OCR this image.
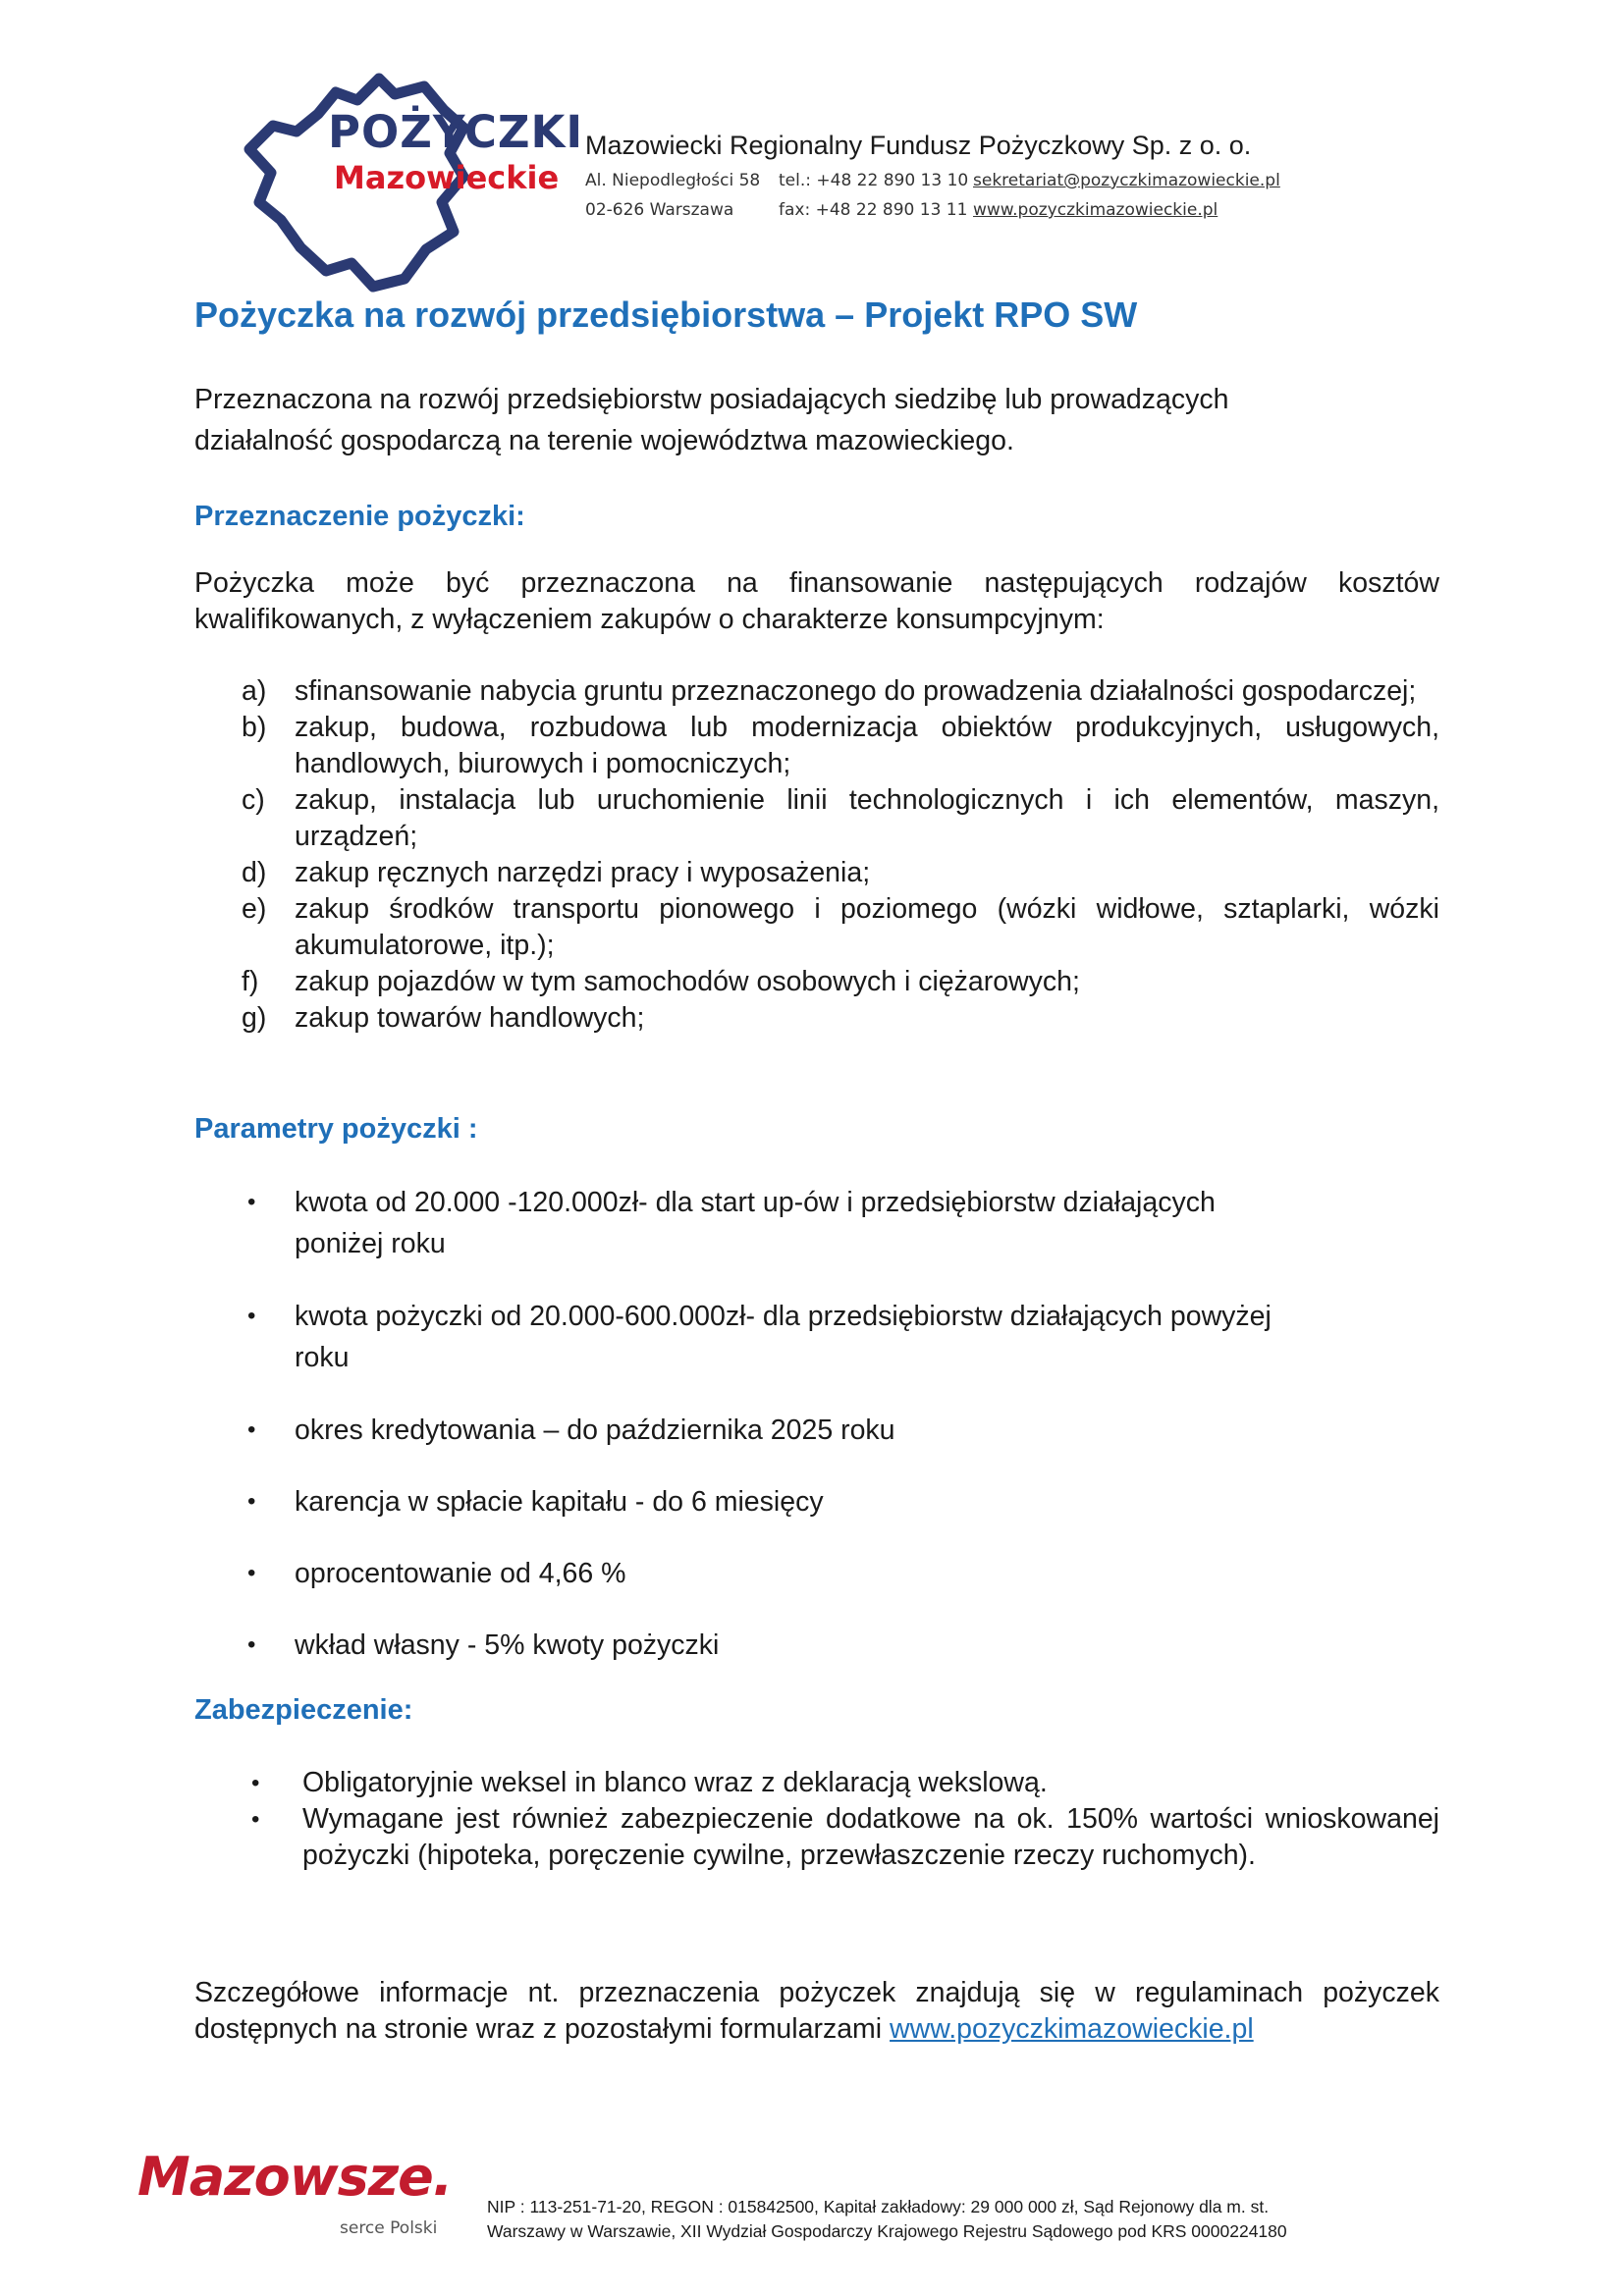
POŻYCZKI
Mazowieckie
Mazowiecki Regionalny Fundusz Pożyczkowy Sp. z o. o.
Al. Niepodległości 58 tel.: +48 22 890 13 10 sekretariat@pozyczkimazowieckie.pl
02-626 Warszawa	fax: +48 22 890 13 11 www.pozyczkimazowieckie.pl
Pożyczka na rozwój przedsiębiorstwa – Projekt RPO SW
Przeznaczona na rozwój przedsiębiorstw posiadających siedzibę lub prowadzących
działalność gospodarczą na terenie województwa mazowieckiego.
Przeznaczenie pożyczki:
Pożyczka może być przeznaczona na finansowanie następujących rodzajów kosztów kwalifikowanych, z wyłączeniem zakupów o charakterze konsumpcyjnym:
a)	sfinansowanie nabycia gruntu przeznaczonego do prowadzenia działalności gospodarczej;
b)	zakup, budowa, rozbudowa lub modernizacja obiektów produkcyjnych, usługowych, handlowych, biurowych i pomocniczych;
c)	zakup, instalacja lub uruchomienie linii technologicznych i ich elementów, maszyn, urządzeń;
d)	zakup ręcznych narzędzi pracy i wyposażenia;
e)	zakup środków transportu pionowego i poziomego (wózki widłowe, sztaplarki, wózki akumulatorowe, itp.);
f)	zakup pojazdów w tym samochodów osobowych i ciężarowych;
g)	zakup towarów handlowych;
Parametry pożyczki :
•	kwota od 20.000 -120.000zł- dla start up-ów i przedsiębiorstw działających
poniżej roku
•	kwota pożyczki od 20.000-600.000zł- dla przedsiębiorstw działających powyżej
roku
•	okres kredytowania – do października 2025 roku
•	karencja w spłacie kapitału - do 6 miesięcy
•	oprocentowanie od 4,66 %
•	wkład własny - 5% kwoty pożyczki
Zabezpieczenie:
•	Obligatoryjnie weksel in blanco wraz z deklaracją wekslową.
•	Wymagane jest również zabezpieczenie dodatkowe na ok. 150% wartości wnioskowanej pożyczki (hipoteka, poręczenie cywilne, przewłaszczenie rzeczy ruchomych).
Szczegółowe informacje nt. przeznaczenia pożyczek znajdują się w regulaminach pożyczek dostępnych na stronie wraz z pozostałymi formularzami www.pozyczkimazowieckie.pl
Mazowsze.
serce Polski
NIP : 113-251-71-20, REGON : 015842500, Kapitał zakładowy: 29 000 000 zł, Sąd Rejonowy dla m. st.
Warszawy w Warszawie, XII Wydział Gospodarczy Krajowego Rejestru Sądowego pod KRS 0000224180
